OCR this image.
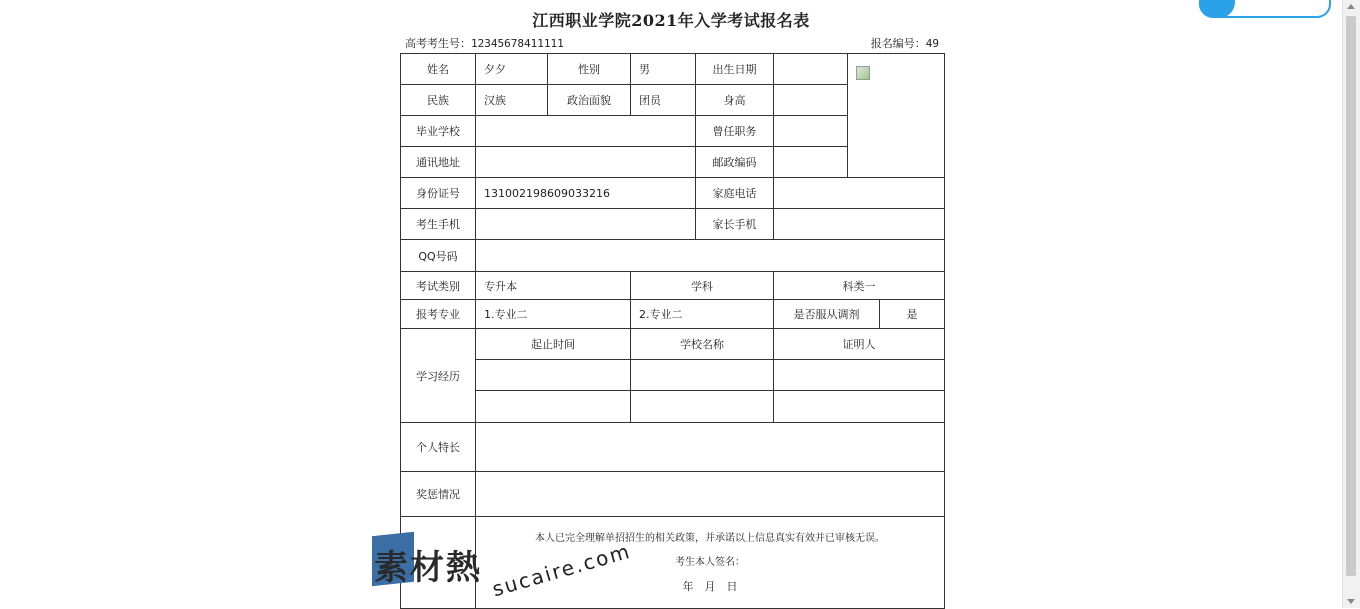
江西职业学院2021年入学考试报名表
高考考生号：12345678411111	报名编号：49
姓名	夕夕	性别	男	出生日期			
民族	汉族	政治面貌	团员	身高			
毕业学校				曾任职务			
通讯地址				邮政编码			
身份证号	131002198609033216			家庭电话			
考生手机				家长手机			
QQ号码							
考试类别	专升本		学科		科类一		
报考专业	1.专业二		2.专业二		是否服从调剂		是
学习经历	起止时间		学校名称		证明人		

个人特长							
奖惩情况							

	本人已完全理解单招招生的相关政策，并承诺以上信息真实有效并已审核无误。
考生本人签名：
年　月　日						
素材熱 sucaire.com
